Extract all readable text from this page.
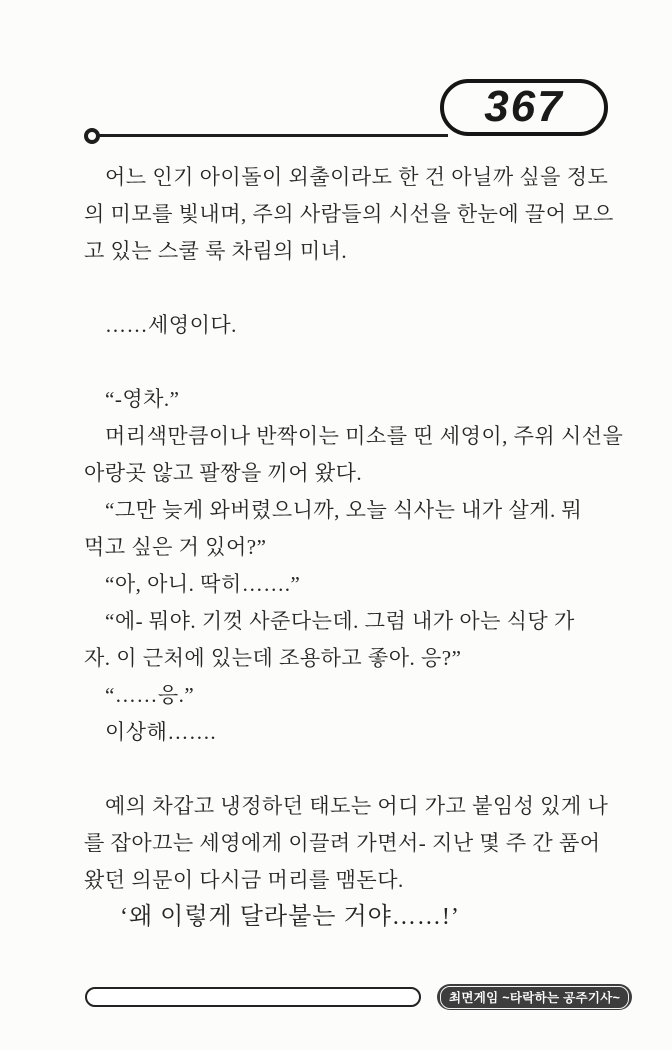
367
어느 인기 아이돌이 외출이라도 한 건 아닐까 싶을 정도
의 미모를 빛내며, 주의 사람들의 시선을 한눈에 끌어 모으
고 있는 스쿨 룩 차림의 미녀.
……세영이다.
“-영차.”
머리색만큼이나 반짝이는 미소를 띤 세영이, 주위 시선을
아랑곳 않고 팔짱을 끼어 왔다.
“그만 늦게 와버렸으니까, 오늘 식사는 내가 살게. 뭐
먹고 싶은 거 있어?”
“아, 아니. 딱히…….”
“에- 뭐야. 기껏 사준다는데. 그럼 내가 아는 식당 가
자. 이 근처에 있는데 조용하고 좋아. 응?”
“……응.”
이상해…….
예의 차갑고 냉정하던 태도는 어디 가고 붙임성 있게 나
를 잡아끄는 세영에게 이끌려 가면서- 지난 몇 주 간 품어
왔던 의문이 다시금 머리를 맴돈다.
‘왜 이렇게 달라붙는 거야……!’
최면게임 ~타락하는 공주기사~
